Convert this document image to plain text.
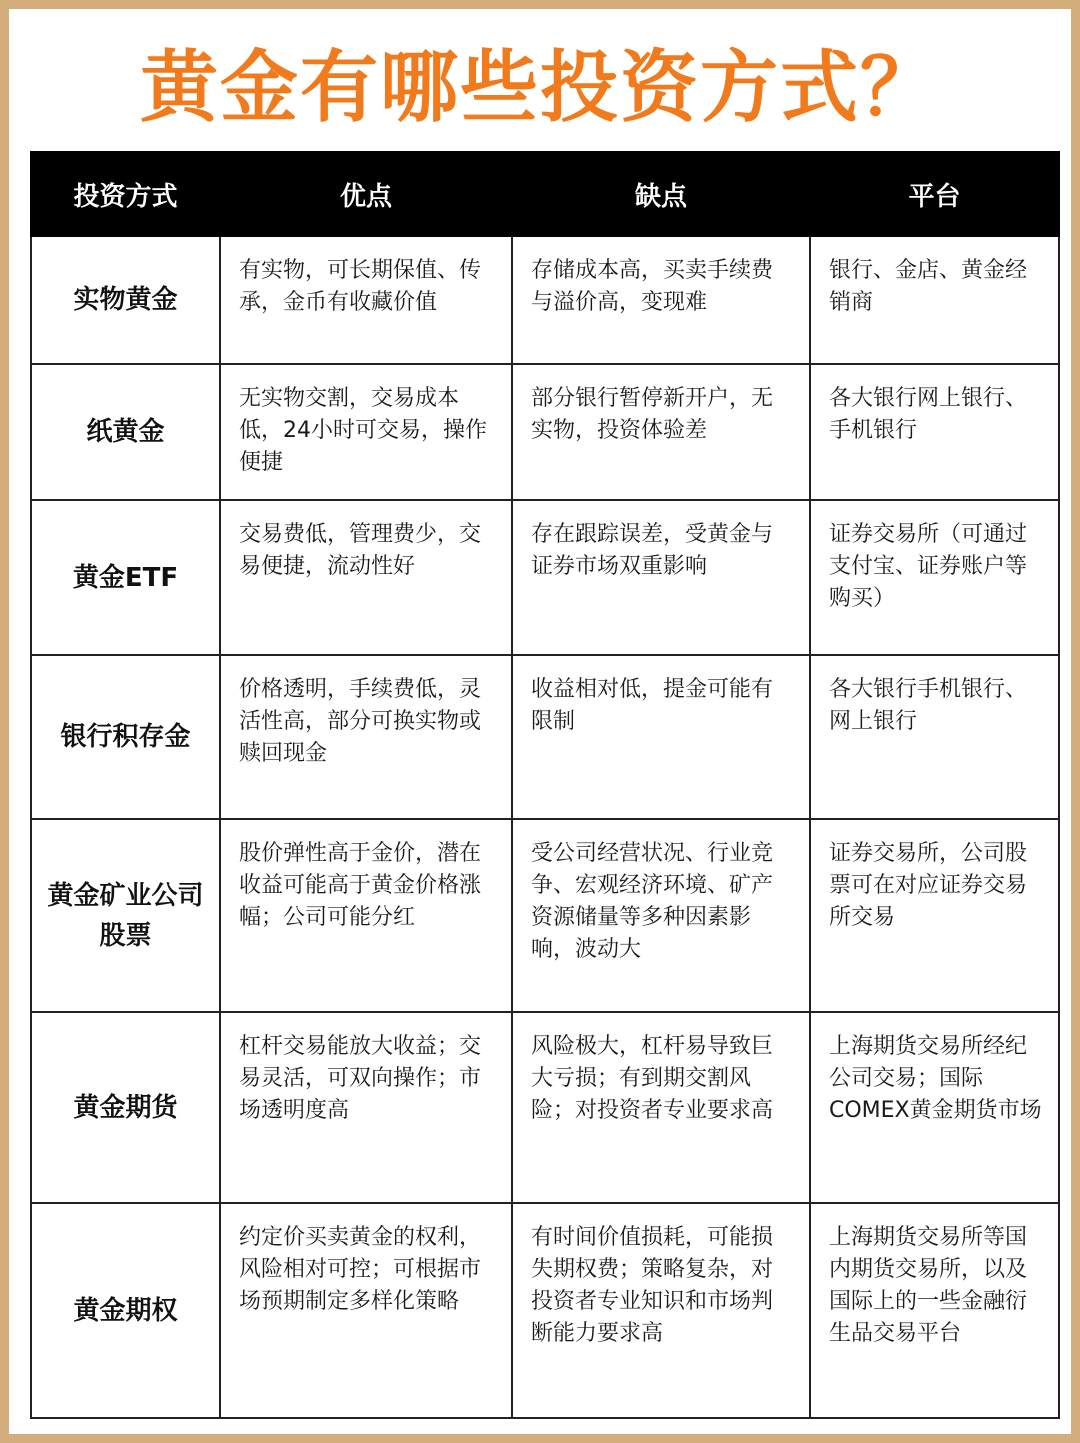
黄金有哪些投资方式？
投资方式	优点	缺点	平台
实物黄金	有实物，可长期保值、传承，金币有收藏价值	存储成本高，买卖手续费与溢价高，变现难	银行、金店、黄金经销商
纸黄金	无实物交割，交易成本低，24小时可交易，操作便捷	部分银行暂停新开户，无实物，投资体验差	各大银行网上银行、手机银行
黄金ETF	交易费低，管理费少，交易便捷，流动性好	存在跟踪误差，受黄金与证券市场双重影响	证券交易所（可通过支付宝、证券账户等购买）
银行积存金	价格透明，手续费低，灵活性高，部分可换实物或赎回现金	收益相对低，提金可能有限制	各大银行手机银行、网上银行
黄金矿业公司股票	股价弹性高于金价，潜在收益可能高于黄金价格涨幅；公司可能分红	受公司经营状况、行业竞争、宏观经济环境、矿产资源储量等多种因素影响，波动大	证券交易所，公司股票可在对应证券交易所交易
黄金期货	杠杆交易能放大收益；交易灵活，可双向操作；市场透明度高	风险极大，杠杆易导致巨大亏损；有到期交割风险；对投资者专业要求高	上海期货交易所经纪公司交易；国际COMEX黄金期货市场
黄金期权	约定价买卖黄金的权利，风险相对可控；可根据市场预期制定多样化策略	有时间价值损耗，可能损失期权费；策略复杂，对投资者专业知识和市场判断能力要求高	上海期货交易所等国内期货交易所，以及国际上的一些金融衍生品交易平台
